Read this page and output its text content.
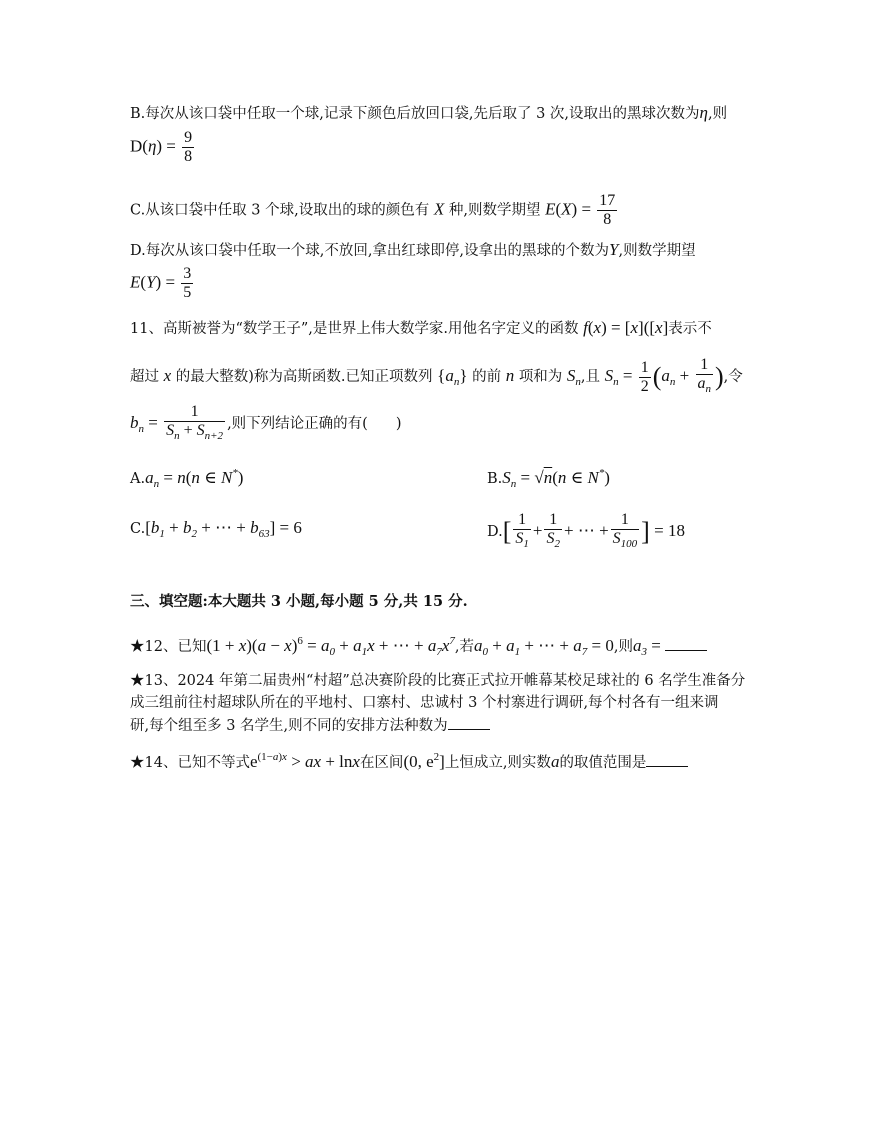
B.每次从该口袋中任取一个球,记录下颜色后放回口袋,先后取了 3 次,设取出的黑球次数为η,则
$D(\eta) = \frac{9}{8}$
C.从该口袋中任取 3 个球,设取出的球的颜色有 X 种,则数学期望 $E(X) = \frac{17}{8}$
D.每次从该口袋中任取一个球,不放回,拿出红球即停,设拿出的黑球的个数为Y,则数学期望
$E(Y) = \frac{3}{5}$
11、高斯被誉为“数学王子”,是世界上伟大数学家.用他名字定义的函数 f(x) = [x]([x]表示不
超过 x 的最大整数)称为高斯函数.已知正项数列 $\{a_n\}$ 的前 n 项和为 $S_n$,且 $S_n = \frac{1}{2} (a_n + \frac{1}{a_n}$ ),令
$b_n = \frac{1}{S_n + S_{n+2}}$ ,则下列结论正确的有( )
$A.a_n = n(n$ ∈ N*)	$B.S_n = √n(n$ ∈ N*)
$C.[b_1 + b_2$ + ⋯ + $b_{63}] = 6$	$D.[ \frac{1}{S_1} + \frac{1}{S_2}$ + ⋯ + $\frac{1}{S_{100}}$ ] = 18
三、填空题:本大题共 3 小题,每小题 5 分,共 15 分.
★12、已知$(1 + x)(a - x)^6 = a_0 + a_1x$ + ⋯ + $a_7x^7$,若$a_0 + a_1$ + ⋯ + $a_7 = 0$,则$a_3$ =
★13、2024 年第二届贵州“村超”总决赛阶段的比赛正式拉开帷幕某校足球社的 6 名学生准备分
成三组前往村超球队所在的平地村、口寨村、忠诚村 3 个村寨进行调研,每个村各有一组来调
研,每个组至多 3 名学生,则不同的安排方法种数为
★14、已知不等式$e^{(1-a)x}$ > ax + lnx在区间(0, $e^2$]上恒成立,则实数a的取值范围是
